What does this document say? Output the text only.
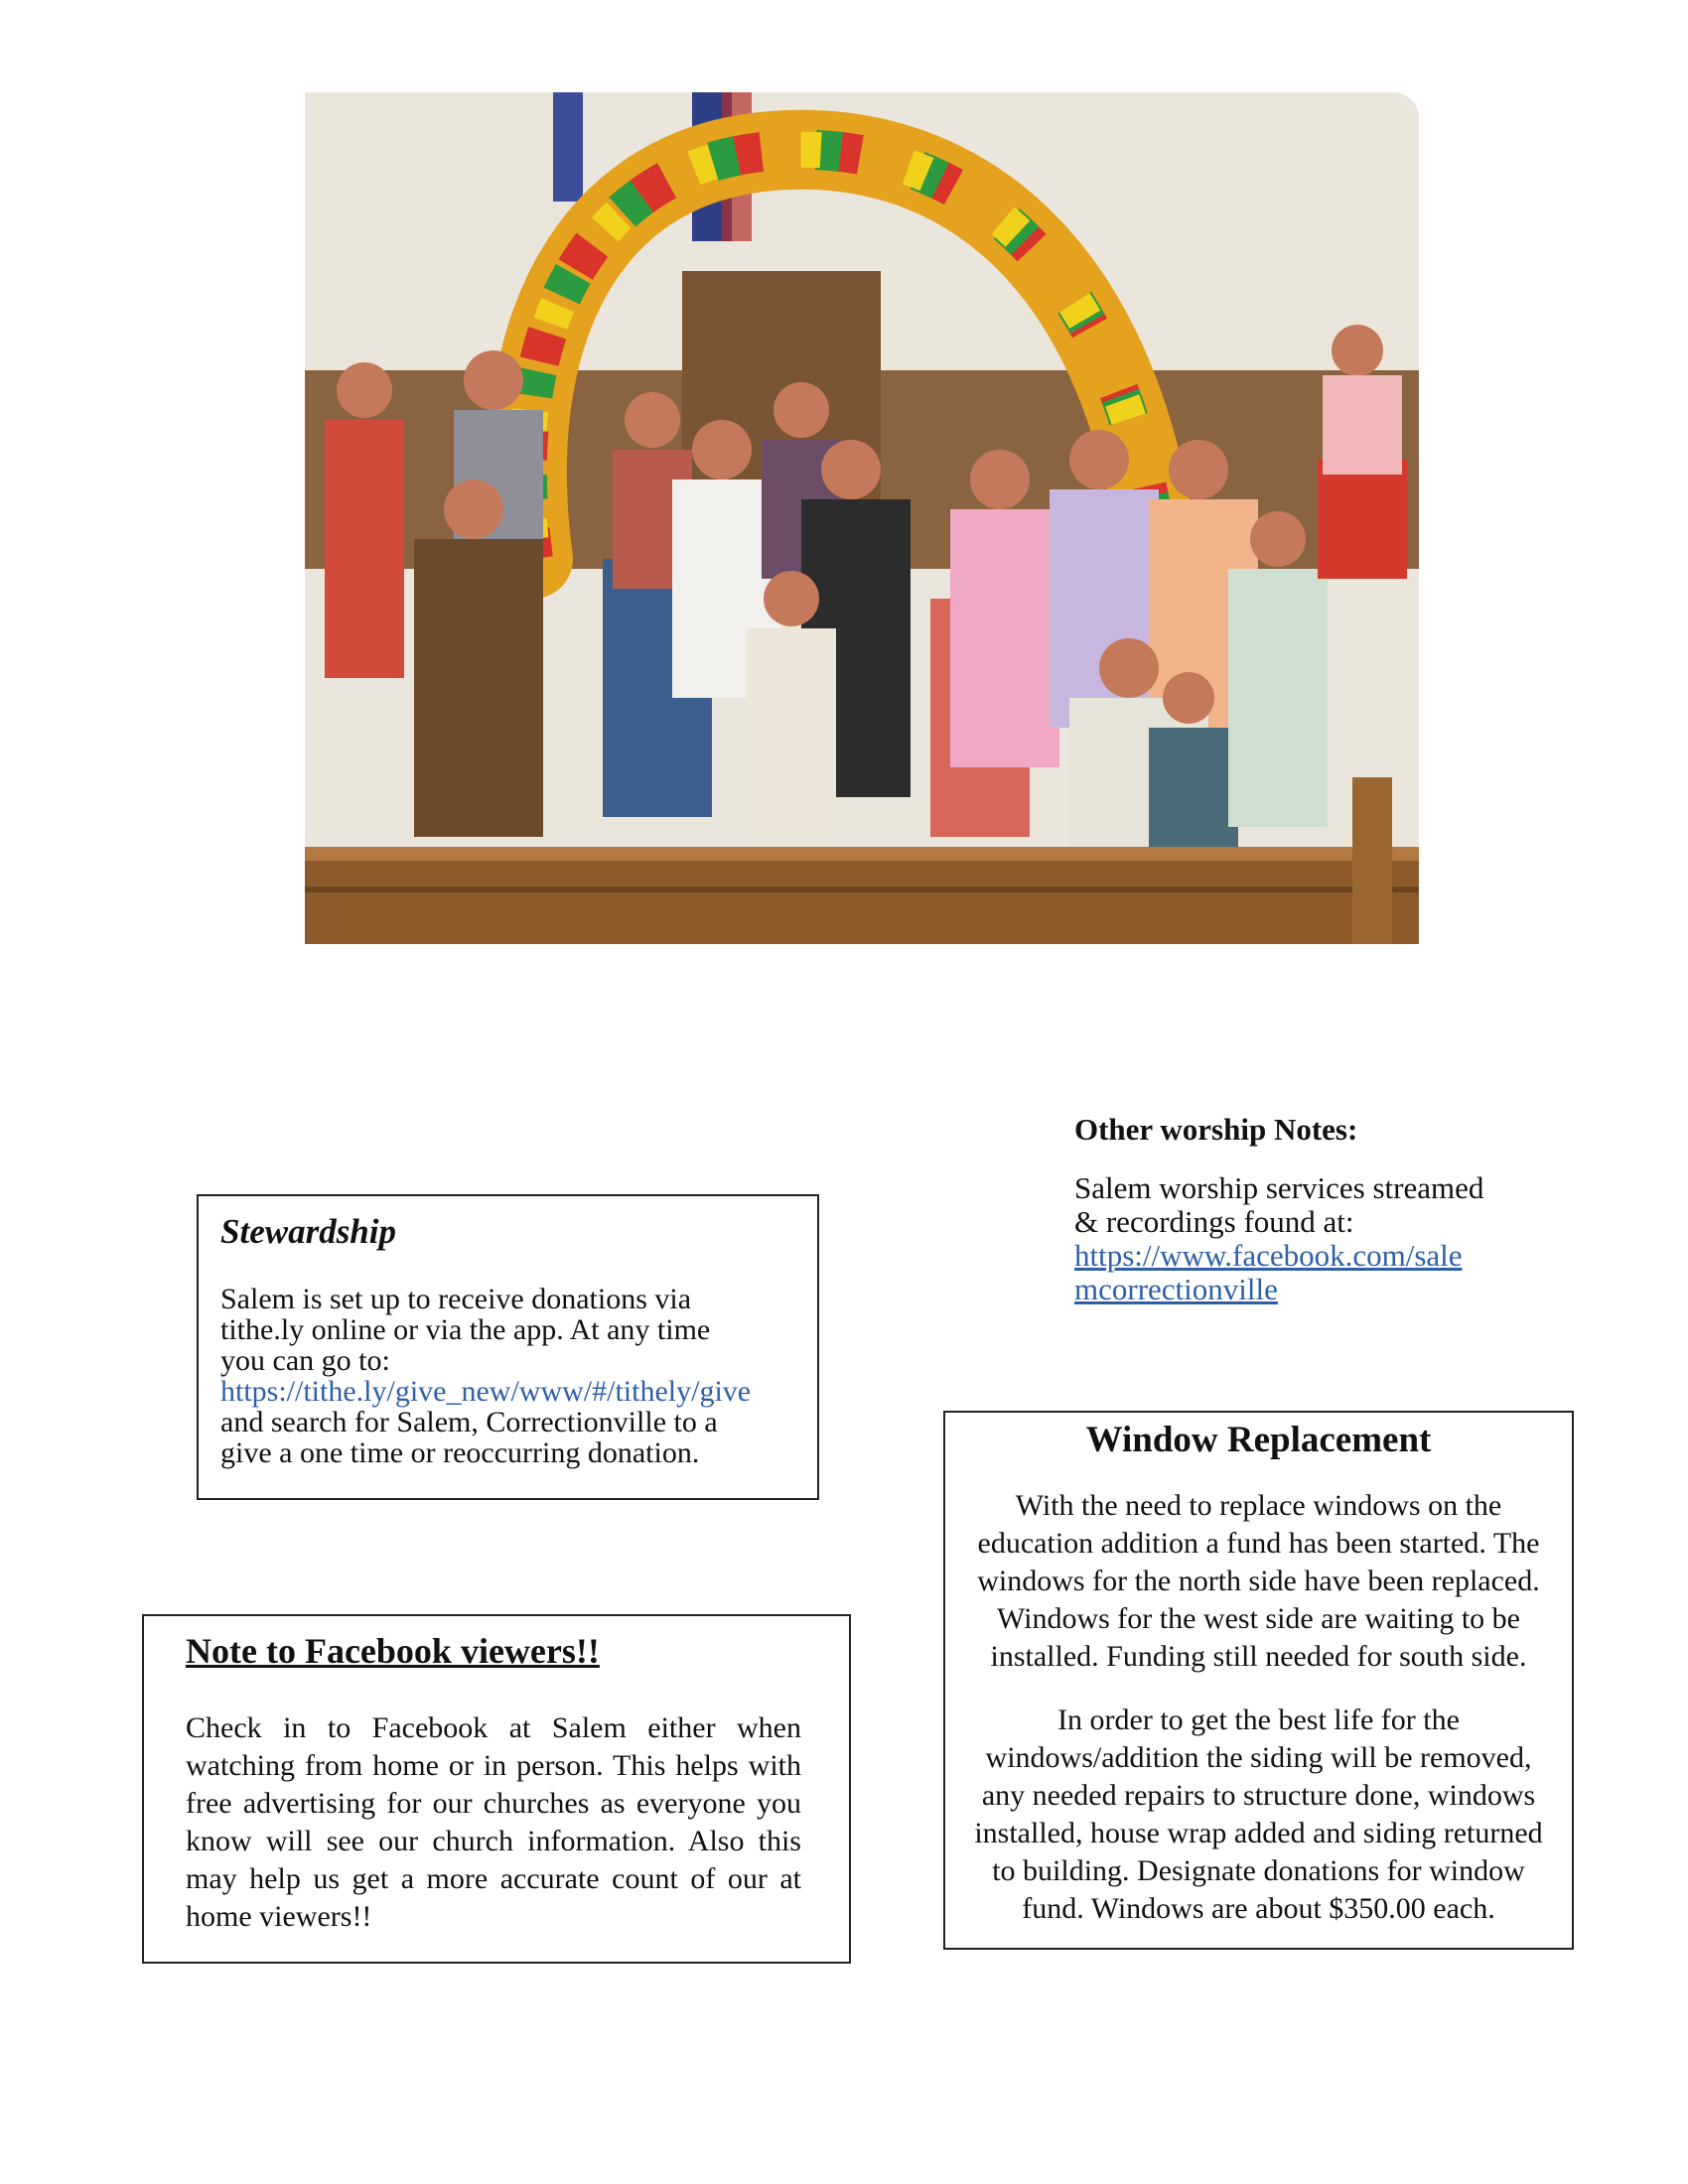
Other worship Notes:

Salem worship services streamed
& recordings found at:
https://www.facebook.com/sale
mcorrectionville

Stewardship

Salem is set up to receive donations via
tithe.ly online or via the app. At any time
you can go to:
https://tithe.ly/give_new/www/#/tithely/give
and search for Salem, Correctionville to a
give a one time or reoccurring donation.

Note to Facebook viewers!!

Check in to Facebook at Salem either when watching from home or in person. This helps with free advertising for our churches as everyone you know will see our church information. Also this may help us get a more accurate count of our at home viewers!!

Window Replacement

With the need to replace windows on the
education addition a fund has been started. The
windows for the north side have been replaced.
Windows for the west side are waiting to be
installed. Funding still needed for south side.

In order to get the best life for the
windows/addition the siding will be removed,
any needed repairs to structure done, windows
installed, house wrap added and siding returned
to building. Designate donations for window
fund. Windows are about $350.00 each.
